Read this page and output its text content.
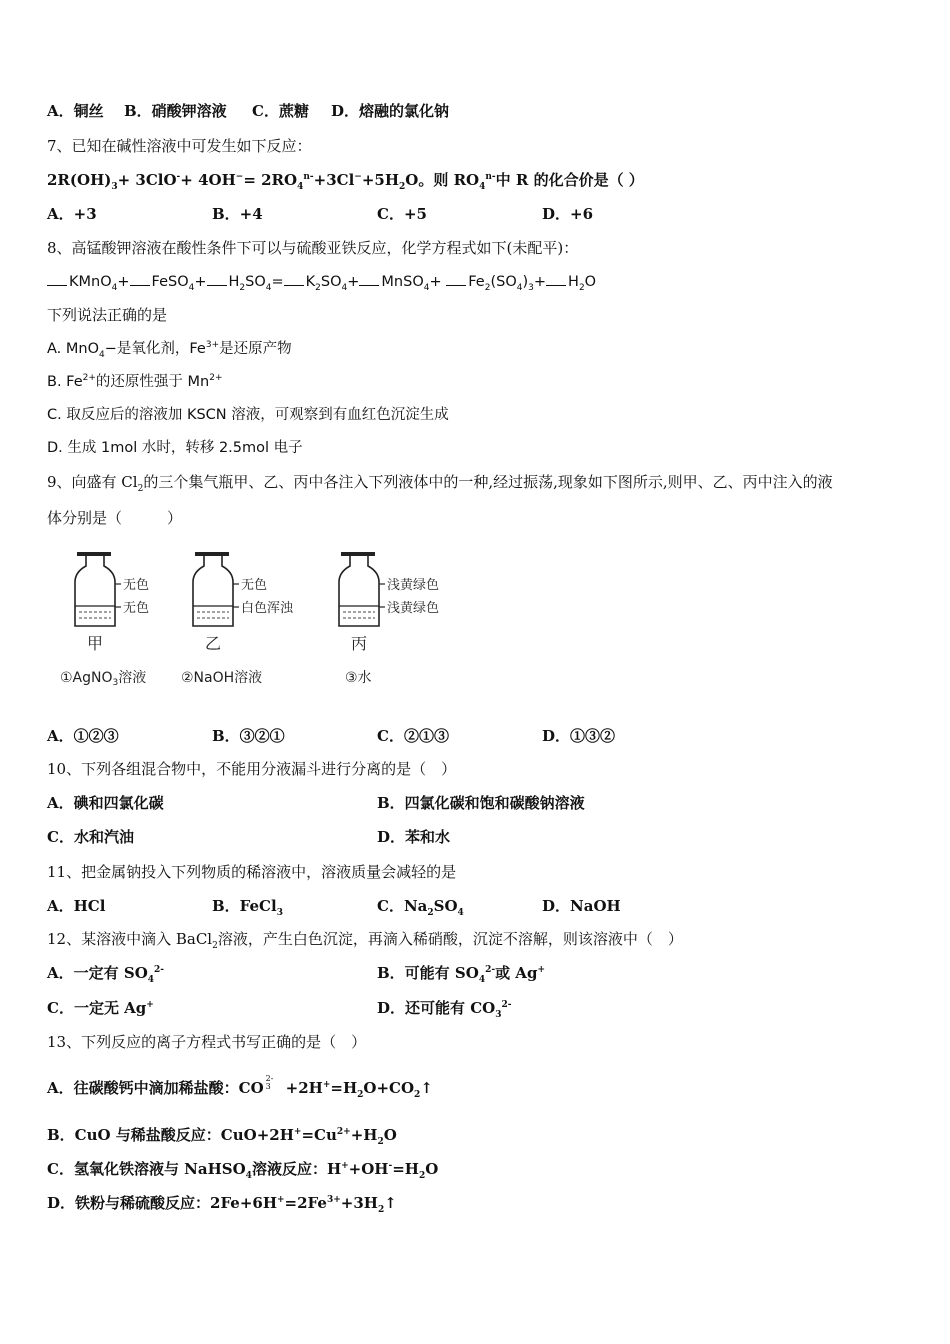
A．铜丝 B．硝酸钾溶液 C．蔗糖 D．熔融的氯化钠
7、已知在碱性溶液中可发生如下反应：
$2R(OH)_3+ 3ClO^-+ 4OH^-= 2RO_4^{n-}+3Cl^-+5H_2O$。则 $RO_4^{n-}$中 R 的化合价是（ ）
A．+3	B．+4	C．+5	D．+6
8、高锰酸钾溶液在酸性条件下可以与硫酸亚铁反应，化学方程式如下(未配平)：
KMnO$_4$+ FeSO$_4$+ $H_2SO_4= K_2SO_4+$ MnSO$_4$+ $Fe_2(SO_4)_3+ H_2O$
下列说法正确的是
A. MnO$_4$−是氧化剂，$Fe^{3+}$是还原产物
B. $Fe^{2+}$的还原性强于 $Mn^{2+}$
C. 取反应后的溶液加 KSCN 溶液，可观察到有血红色沉淀生成
D. 生成 1mol 水时，转移 2.5mol 电子
9、向盛有 $Cl_2$的三个集气瓶甲、乙、丙中各注入下列液体中的一种,经过振荡,现象如下图所示,则甲、乙、丙中注入的液
体分别是（　　　）
无色
无色
甲
①AgNO$_3$溶液
无色
白色浑浊
乙
②NaOH溶液
浅黄绿色
浅黄绿色
丙
③水
A．①②③	B．③②①	C．②①③	D．①③②
10、下列各组混合物中，不能用分液漏斗进行分离的是（　）
A．碘和四氯化碳	B．四氯化碳和饱和碳酸钠溶液
C．水和汽油	D．苯和水
11、把金属钠投入下列物质的稀溶液中，溶液质量会减轻的是
A．HCl	B．FeCl$_3$	C．$Na_2SO_4$	D．NaOH
12、某溶液中滴入 BaCl$_2$溶液，产生白色沉淀，再滴入稀硝酸，沉淀不溶解，则该溶液中（　）
A．一定有 $SO_4^{2-}$	B．可能有 $SO_4^{2-}$或 Ag+
C．一定无 Ag+	D．还可能有 $CO_3^{2-}$
13、下列反应的离子方程式书写正确的是（　）
A．往碳酸钙中滴加稀盐酸：CO
2-
$3 +2H^+=H_2O+CO_2↑$
B．CuO 与稀盐酸反应：$CuO+2H^+=Cu^{2+}+H_2O$
C．氢氧化铁溶液与 NaHSO$_4$溶液反应：$H^++OH^-=H_2O$
D．铁粉与稀硫酸反应：$2Fe+6H^+=2Fe^{3+}+3H_2↑$
